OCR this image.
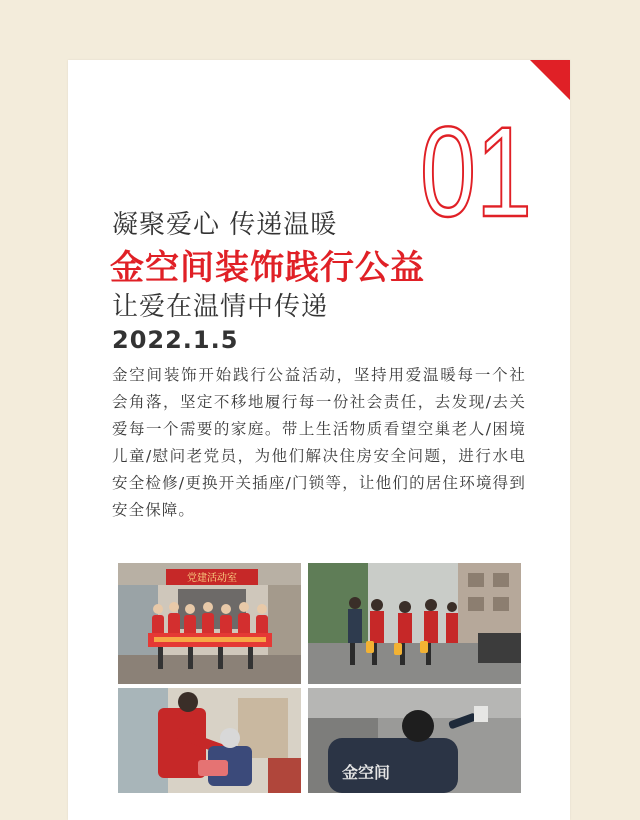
01
凝聚爱心 传递温暖
金空间装饰践行公益
让爱在温情中传递
2022.1.5
金空间装饰开始践行公益活动，坚持用爱温暖每一个社会角落，坚定不移地履行每一份社会责任，去发现/去关爱每一个需要的家庭。带上生活物质看望空巢老人/困境儿童/慰问老党员，为他们解决住房安全问题，进行水电安全检修/更换开关插座/门锁等，让他们的居住环境得到安全保障。
党建活动室
金空间
